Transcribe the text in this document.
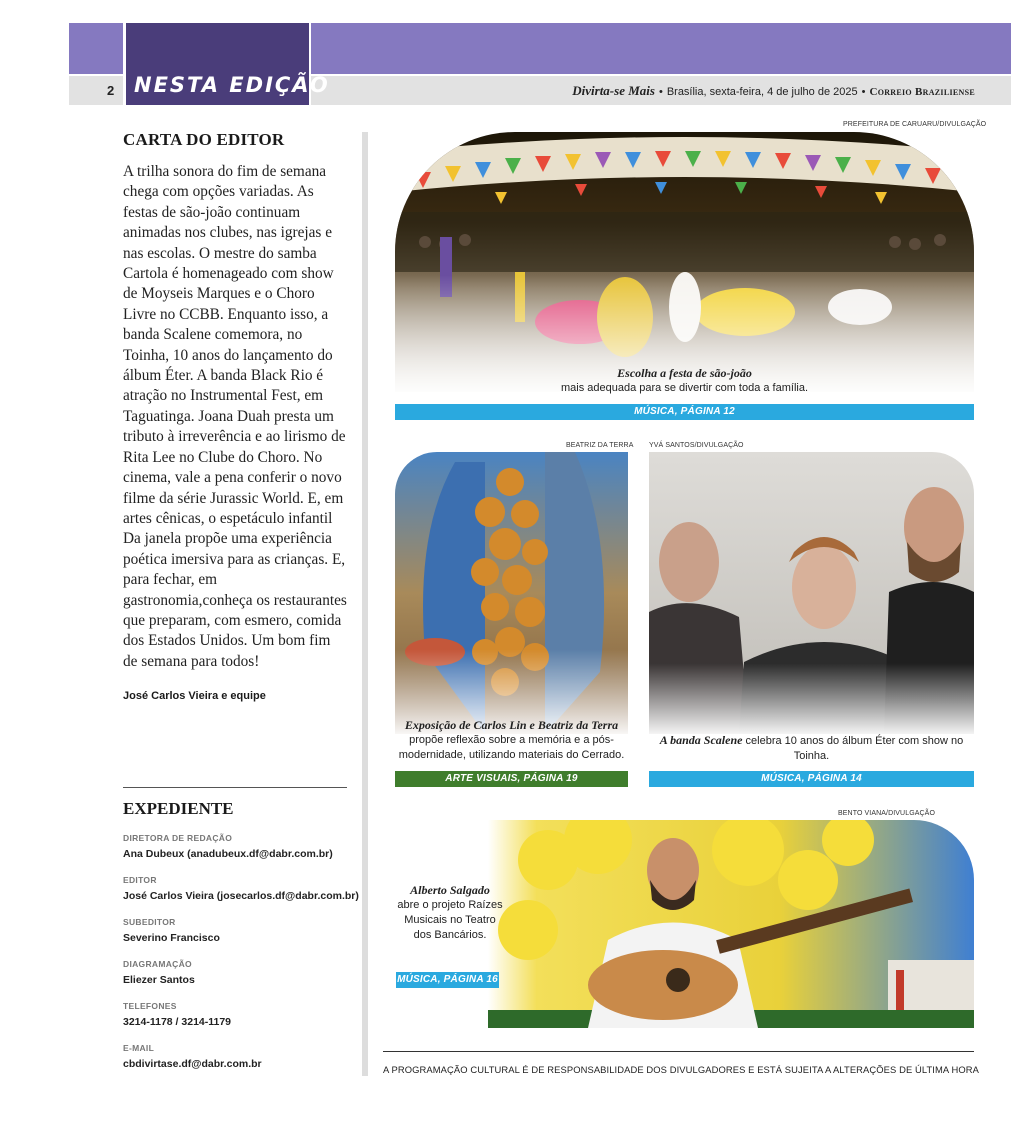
2 NESTA EDIÇÃO	Divirta-se Mais • Brasília, sexta-feira, 4 de julho de 2025 • Correio Braziliense
CARTA DO EDITOR
A trilha sonora do fim de semana chega com opções variadas. As festas de são-joão continuam animadas nos clubes, nas igrejas e nas escolas. O mestre do samba Cartola é homenageado com show de Moyseis Marques e o Choro Livre no CCBB. Enquanto isso, a banda Scalene comemora, no Toinha, 10 anos do lançamento do álbum Éter. A banda Black Rio é atração no Instrumental Fest, em Taguatinga. Joana Duah presta um tributo à irreverência e ao lirismo de Rita Lee no Clube do Choro. No cinema, vale a pena conferir o novo filme da série Jurassic World. E, em artes cênicas, o espetáculo infantil Da janela propõe uma experiência poética imersiva para as crianças. E, para fechar, em gastronomia,conheça os restaurantes que preparam, com esmero, comida dos Estados Unidos. Um bom fim de semana para todos!
José Carlos Vieira e equipe
EXPEDIENTE
DIRETORA DE REDAÇÃO
Ana Dubeux (anadubeux.df@dabr.com.br)
EDITOR
José Carlos Vieira (josecarlos.df@dabr.com.br)
SUBEDITOR
Severino Francisco
DIAGRAMAÇÃO
Eliezer Santos
TELEFONES
3214-1178 / 3214-1179
E-MAIL
cbdivirtase.df@dabr.com.br
PREFEITURA DE CARUARU/DIVULGAÇÃO
Escolha a festa de são-joão
mais adequada para se divertir com toda a família.
MÚSICA, PÁGINA 12
BEATRIZ DA TERRA
Exposição de Carlos Lin e Beatriz da Terra
propõe reflexão sobre a memória e a pós-modernidade, utilizando materiais do Cerrado.
ARTE VISUAIS, PÁGINA 19
YVÁ SANTOS/DIVULGAÇÃO
A banda Scalene celebra 10 anos do álbum Éter com show no Toinha.
MÚSICA, PÁGINA 14
BENTO VIANA/DIVULGAÇÃO
Alberto Salgado
abre o projeto Raízes Musicais no Teatro dos Bancários.
MÚSICA, PÁGINA 16
A PROGRAMAÇÃO CULTURAL É DE RESPONSABILIDADE DOS DIVULGADORES E ESTÁ SUJEITA A ALTERAÇÕES DE ÚLTIMA HORA
